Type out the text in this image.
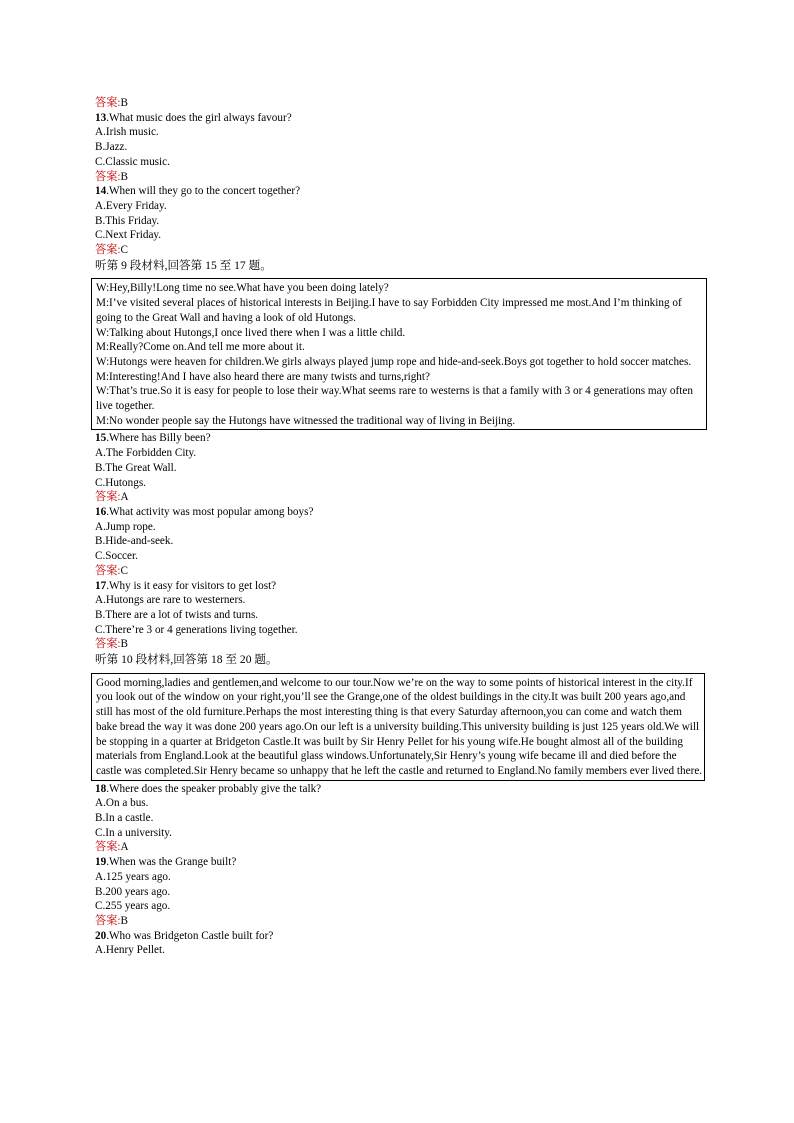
答案:B
13.What music does the girl always favour?
A.Irish music.
B.Jazz.
C.Classic music.
答案:B
14.When will they go to the concert together?
A.Every Friday.
B.This Friday.
C.Next Friday.
答案:C
听第 9 段材料,回答第 15 至 17 题。
W:Hey,Billy!Long time no see.What have you been doing lately?
M:I’ve visited several places of historical interests in Beijing.I have to say Forbidden City impressed me most.And I’m thinking of going to the Great Wall and having a look of old Hutongs.
W:Talking about Hutongs,I once lived there when I was a little child.
M:Really?Come on.And tell me more about it.
W:Hutongs were heaven for children.We girls always played jump rope and hide-and-seek.Boys got together to hold soccer matches.
M:Interesting!And I have also heard there are many twists and turns,right?
W:That’s true.So it is easy for people to lose their way.What seems rare to westerns is that a family with 3 or 4 generations may often live together.
M:No wonder people say the Hutongs have witnessed the traditional way of living in Beijing.
15.Where has Billy been?
A.The Forbidden City.
B.The Great Wall.
C.Hutongs.
答案:A
16.What activity was most popular among boys?
A.Jump rope.
B.Hide-and-seek.
C.Soccer.
答案:C
17.Why is it easy for visitors to get lost?
A.Hutongs are rare to westerners.
B.There are a lot of twists and turns.
C.There’re 3 or 4 generations living together.
答案:B
听第 10 段材料,回答第 18 至 20 题。
Good morning,ladies and gentlemen,and welcome to our tour.Now we’re on the way to some points of historical interest in the city.If you look out of the window on your right,you’ll see the Grange,one of the oldest buildings in the city.It was built 200 years ago,and still has most of the old furniture.Perhaps the most interesting thing is that every Saturday afternoon,you can come and watch them bake bread the way it was done 200 years ago.On our left is a university building.This university building is just 125 years old.We will be stopping in a quarter at Bridgeton Castle.It was built by Sir Henry Pellet for his young wife.He bought almost all of the building materials from England.Look at the beautiful glass windows.Unfortunately,Sir Henry’s young wife became ill and died before the castle was completed.Sir Henry became so unhappy that he left the castle and returned to England.No family members ever lived there.
18.Where does the speaker probably give the talk?
A.On a bus.
B.In a castle.
C.In a university.
答案:A
19.When was the Grange built?
A.125 years ago.
B.200 years ago.
C.255 years ago.
答案:B
20.Who was Bridgeton Castle built for?
A.Henry Pellet.
